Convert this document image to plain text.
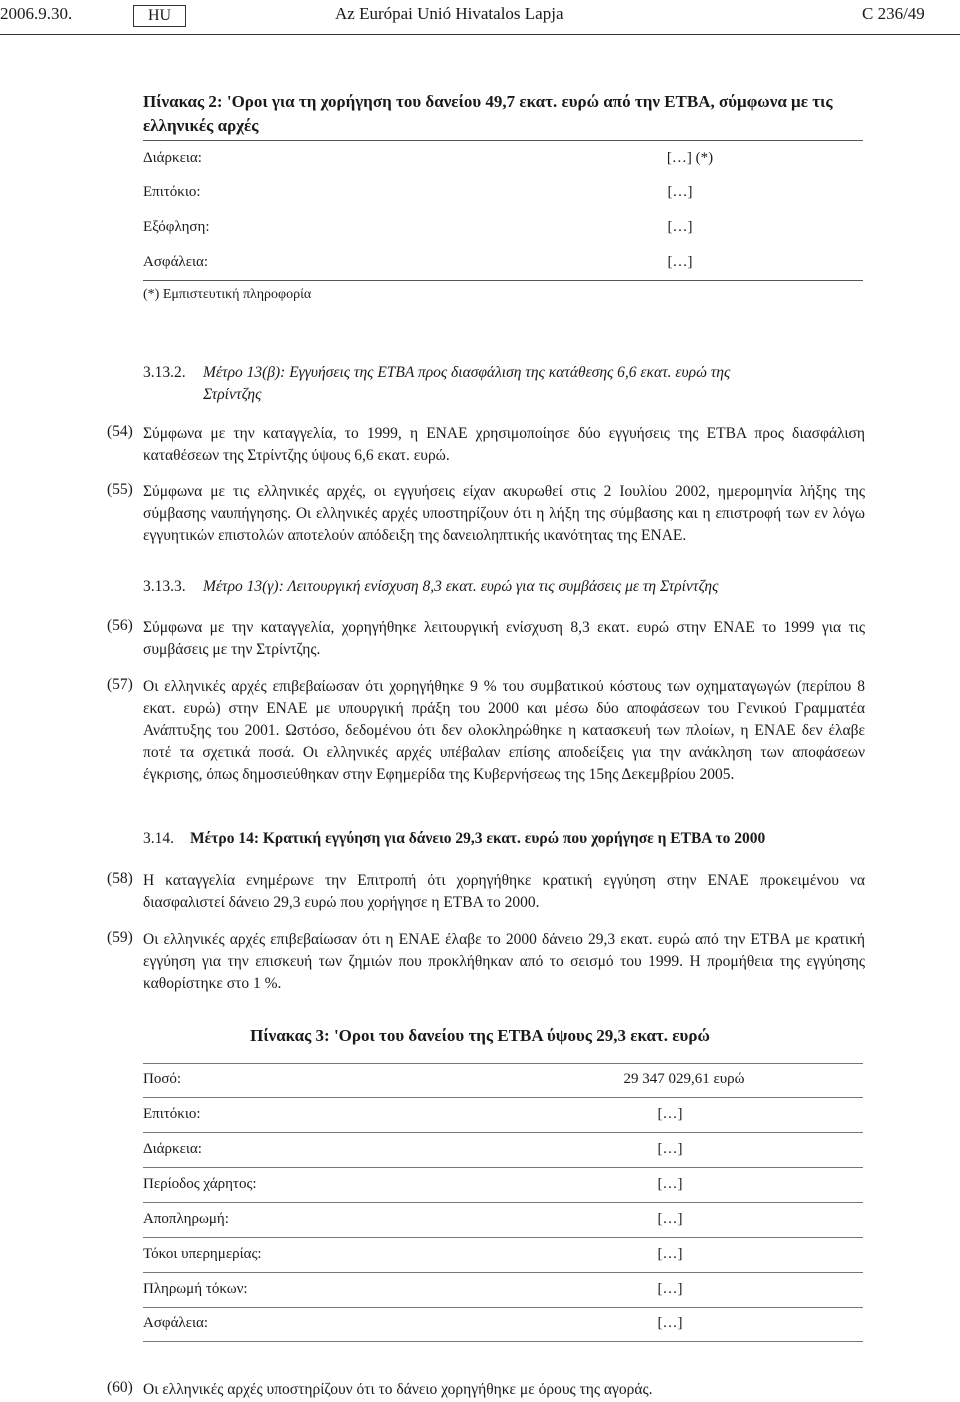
2006.9.30.	HU	Az Európai Unió Hivatalos Lapja	C 236/49
Πίνακας 2: 'Οροι για τη χορήγηση του δανείου 49,7 εκατ. ευρώ από την ΕΤΒΑ, σύμφωνα με τις
ελληνικές αρχές
Διάρκεια:	[…] (*)
Επιτόκιο:	[…]
Εξόφληση:	[…]
Ασφάλεια:	[…]
(*) Εμπιστευτική πληροφορία
3.13.2. Μέτρο 13(β): Εγγυήσεις της ΕΤΒΑ προς διασφάλιση της κατάθεσης 6,6 εκατ. ευρώ της
Στρίντζης
(54) Σύμφωνα με την καταγγελία, το 1999, η ΕΝΑΕ χρησιμοποίησε δύο εγγυήσεις της ΕΤΒΑ προς διασφάλιση καταθέσεων της Στρίντζης ύψους 6,6 εκατ. ευρώ.
(55) Σύμφωνα με τις ελληνικές αρχές, οι εγγυήσεις είχαν ακυρωθεί στις 2 Ιουλίου 2002, ημερομηνία λήξης της σύμβασης ναυπήγησης. Οι ελληνικές αρχές υποστηρίζουν ότι η λήξη της σύμβασης και η επιστροφή των εν λόγω εγγυητικών επιστολών αποτελούν απόδειξη της δανειοληπτικής ικανότητας της ΕΝΑΕ.
3.13.3. Μέτρο 13(γ): Λειτουργική ενίσχυση 8,3 εκατ. ευρώ για τις συμβάσεις με τη Στρίντζης
(56) Σύμφωνα με την καταγγελία, χορηγήθηκε λειτουργική ενίσχυση 8,3 εκατ. ευρώ στην ΕΝΑΕ το 1999 για τις συμβάσεις με την Στρίντζης.
(57) Οι ελληνικές αρχές επιβεβαίωσαν ότι χορηγήθηκε 9 % του συμβατικού κόστους των οχηματαγωγών (περίπου 8 εκατ. ευρώ) στην ΕΝΑΕ με υπουργική πράξη του 2000 και μέσω δύο αποφάσεων του Γενικού Γραμματέα Ανάπτυξης του 2001. Ωστόσο, δεδομένου ότι δεν ολοκληρώθηκε η κατασκευή των πλοίων, η ΕΝΑΕ δεν έλαβε ποτέ τα σχετικά ποσά. Οι ελληνικές αρχές υπέβαλαν επίσης αποδείξεις για την ανάκληση των αποφάσεων έγκρισης, όπως δημοσιεύθηκαν στην Εφημερίδα της Κυβερνήσεως της 15ης Δεκεμβρίου 2005.
3.14. Μέτρο 14: Κρατική εγγύηση για δάνειο 29,3 εκατ. ευρώ που χορήγησε η ΕΤΒΑ το 2000
(58) Η καταγγελία ενημέρωνε την Επιτροπή ότι χορηγήθηκε κρατική εγγύηση στην ΕΝΑΕ προκειμένου να διασφαλιστεί δάνειο 29,3 ευρώ που χορήγησε η ΕΤΒΑ το 2000.
(59) Οι ελληνικές αρχές επιβεβαίωσαν ότι η ΕΝΑΕ έλαβε το 2000 δάνειο 29,3 εκατ. ευρώ από την ΕΤΒΑ με κρατική εγγύηση για την επισκευή των ζημιών που προκλήθηκαν από το σεισμό του 1999. Η προμήθεια της εγγύησης καθορίστηκε στο 1 %.
Πίνακας 3: 'Οροι του δανείου της ΕΤΒΑ ύψους 29,3 εκατ. ευρώ
Ποσό:	29 347 029,61 ευρώ
Επιτόκιο:	[…]
Διάρκεια:	[…]
Περίοδος χάρητος:	[…]
Αποπληρωμή:	[…]
Τόκοι υπερημερίας:	[…]
Πληρωμή τόκων:	[…]
Ασφάλεια:	[…]
(60) Οι ελληνικές αρχές υποστηρίζουν ότι το δάνειο χορηγήθηκε με όρους της αγοράς.
